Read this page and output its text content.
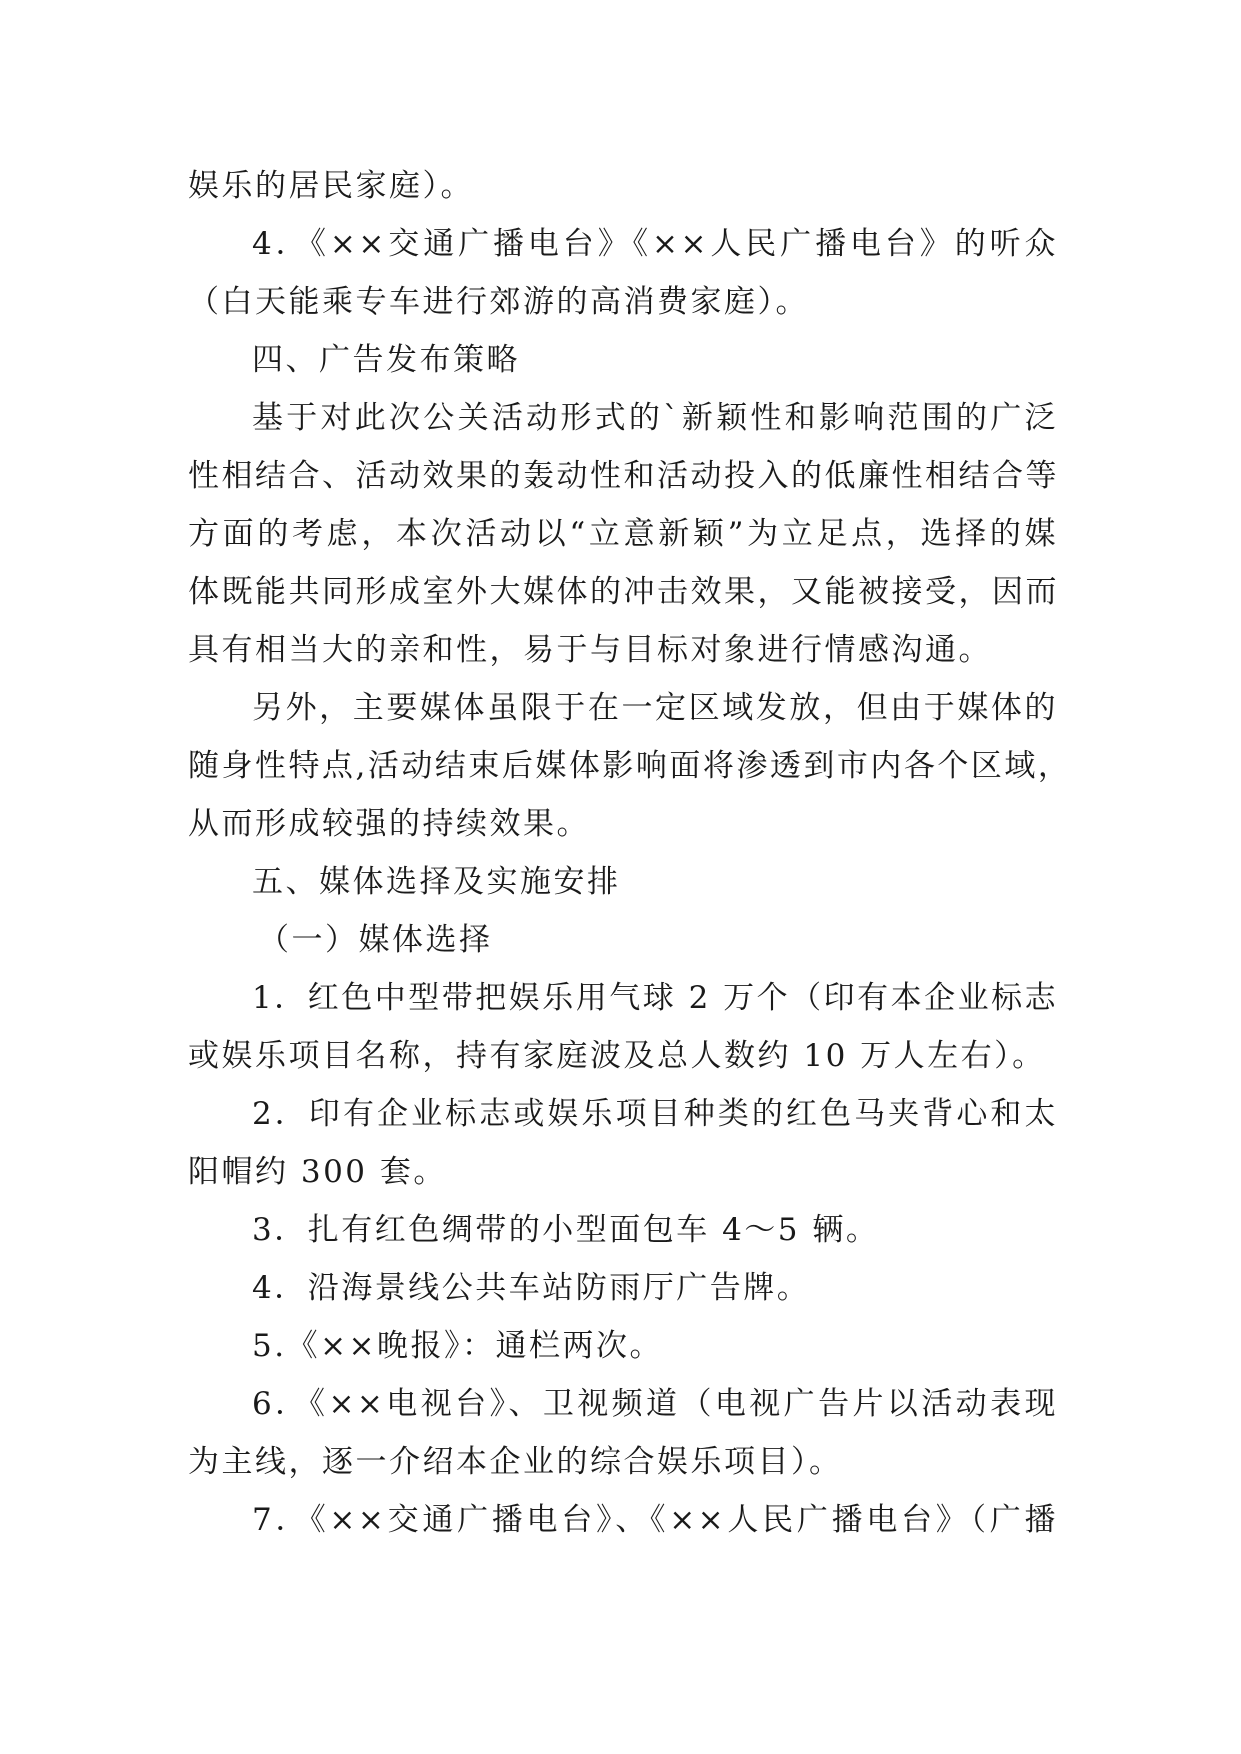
娱乐的居民家庭）。
4．《××交通广播电台》《××人民广播电台》的听众
（白天能乘专车进行郊游的高消费家庭）。
四、广告发布策略
基于对此次公关活动形式的`新颖性和影响范围的广泛
性相结合、活动效果的轰动性和活动投入的低廉性相结合等
方面的考虑，本次活动以“立意新颖”为立足点，选择的媒
体既能共同形成室外大媒体的冲击效果，又能被接受，因而
具有相当大的亲和性，易于与目标对象进行情感沟通。
另外，主要媒体虽限于在一定区域发放，但由于媒体的
随身性特点,活动结束后媒体影响面将渗透到市内各个区域，
从而形成较强的持续效果。
五、媒体选择及实施安排
（一）媒体选择
1．红色中型带把娱乐用气球 2 万个（印有本企业标志
或娱乐项目名称，持有家庭波及总人数约 10 万人左右）。
2．印有企业标志或娱乐项目种类的红色马夹背心和太
阳帽约 300 套。
3．扎有红色绸带的小型面包车 4～5 辆。
4．沿海景线公共车站防雨厅广告牌。
5.《××晚报》：通栏两次。
6．《××电视台》、卫视频道（电视广告片以活动表现
为主线，逐一介绍本企业的综合娱乐项目）。
7．《××交通广播电台》、《××人民广播电台》（广播
